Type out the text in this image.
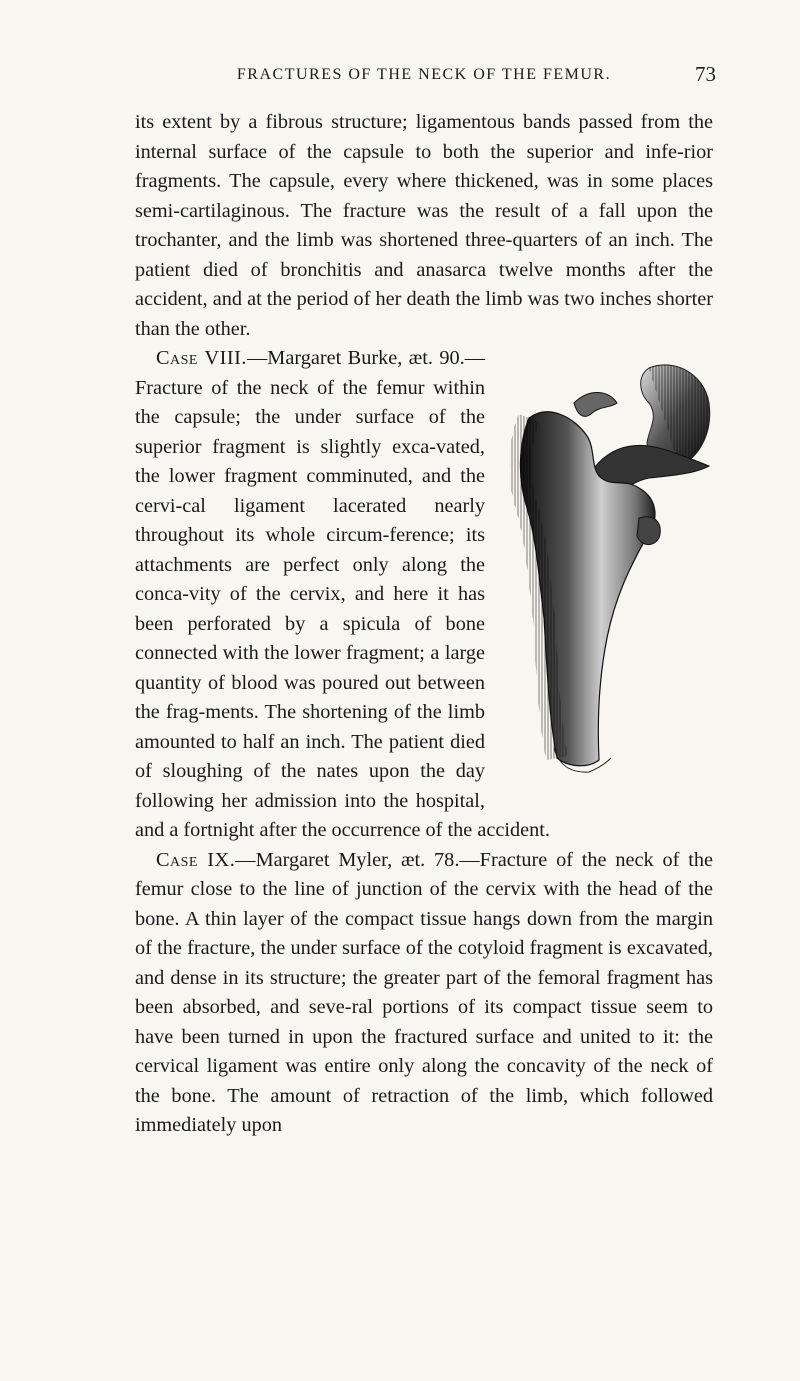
FRACTURES OF THE NECK OF THE FEMUR.	73

its extent by a fibrous structure; ligamentous bands passed from the internal surface of the capsule to both the superior and infe-rior fragments. The capsule, every where thickened, was in some places semi-cartilaginous. The fracture was the result of a fall upon the trochanter, and the limb was shortened three-quarters of an inch. The patient died of bronchitis and anasarca twelve months after the accident, and at the period of her death the limb was two inches shorter than the other.

Case VIII.—Margaret Burke, æt. 90.—Fracture of the neck of the femur within the capsule; the under surface of the superior fragment is slightly exca-vated, the lower fragment comminuted, and the cervi-cal ligament lacerated nearly throughout its whole circum-ference; its attachments are perfect only along the conca-vity of the cervix, and here it has been perforated by a spicula of bone connected with the lower fragment; a large quantity of blood was poured out between the frag-ments. The shortening of the limb amounted to half an inch. The patient died of sloughing of the nates upon the day following her admission into the hospital, and a fortnight after the occurrence of the accident.

Case IX.—Margaret Myler, æt. 78.—Fracture of the neck of the femur close to the line of junction of the cervix with the head of the bone. A thin layer of the compact tissue hangs down from the margin of the fracture, the under surface of the cotyloid fragment is excavated, and dense in its structure; the greater part of the femoral fragment has been absorbed, and seve-ral portions of its compact tissue seem to have been turned in upon the fractured surface and united to it: the cervical ligament was entire only along the concavity of the neck of the bone. The amount of retraction of the limb, which followed immediately upon
